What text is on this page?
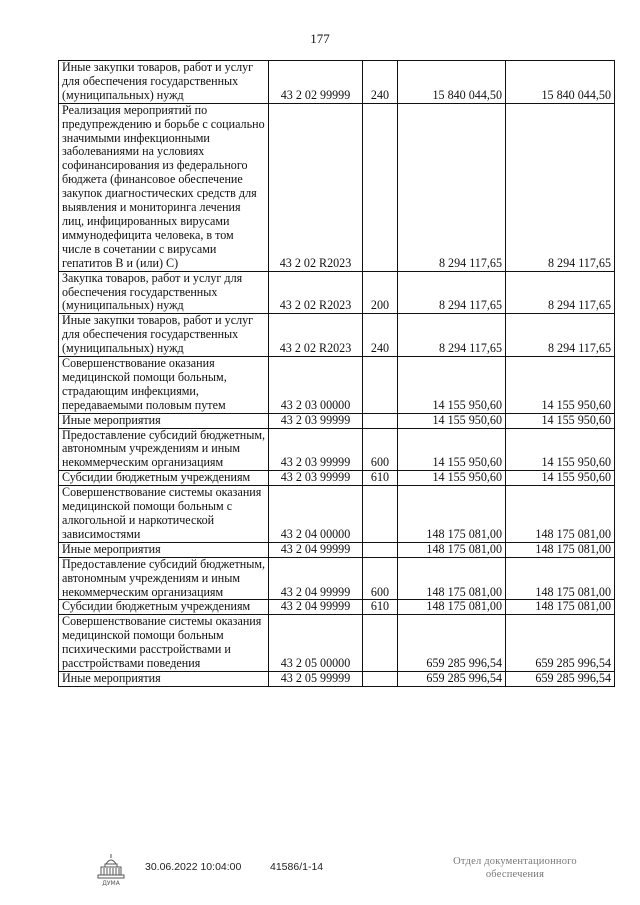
177
Иные закупки товаров, работ и услуг для обеспечения государственных (муниципальных) нужд	43 2 02 99999	240	15 840 044,50	15 840 044,50
Реализация мероприятий по предупреждению и борьбе с социально значимыми инфекционными заболеваниями на условиях софинансирования из федерального бюджета (финансовое обеспечение закупок диагностических средств для выявления и мониторинга лечения лиц, инфицированных вирусами иммунодефицита человека, в том числе в сочетании с вирусами гепатитов В и (или) С)	43 2 02 R2023		8 294 117,65	8 294 117,65
Закупка товаров, работ и услуг для обеспечения государственных (муниципальных) нужд	43 2 02 R2023	200	8 294 117,65	8 294 117,65
Иные закупки товаров, работ и услуг для обеспечения государственных (муниципальных) нужд	43 2 02 R2023	240	8 294 117,65	8 294 117,65
Совершенствование оказания медицинской помощи больным, страдающим инфекциями, передаваемыми половым путем	43 2 03 00000		14 155 950,60	14 155 950,60
Иные мероприятия	43 2 03 99999		14 155 950,60	14 155 950,60
Предоставление субсидий бюджетным, автономным учреждениям и иным некоммерческим организациям	43 2 03 99999	600	14 155 950,60	14 155 950,60
Субсидии бюджетным учреждениям	43 2 03 99999	610	14 155 950,60	14 155 950,60
Совершенствование системы оказания медицинской помощи больным с алкогольной и наркотической зависимостями	43 2 04 00000		148 175 081,00	148 175 081,00
Иные мероприятия	43 2 04 99999		148 175 081,00	148 175 081,00
Предоставление субсидий бюджетным, автономным учреждениям и иным некоммерческим организациям	43 2 04 99999	600	148 175 081,00	148 175 081,00
Субсидии бюджетным учреждениям	43 2 04 99999	610	148 175 081,00	148 175 081,00
Совершенствование системы оказания медицинской помощи больным психическими расстройствами и расстройствами поведения	43 2 05 00000		659 285 996,54	659 285 996,54
Иные мероприятия	43 2 05 99999		659 285 996,54	659 285 996,54
ДУМА
30.06.2022 10:04:00	41586/1-14	Отдел документационного обеспечения
